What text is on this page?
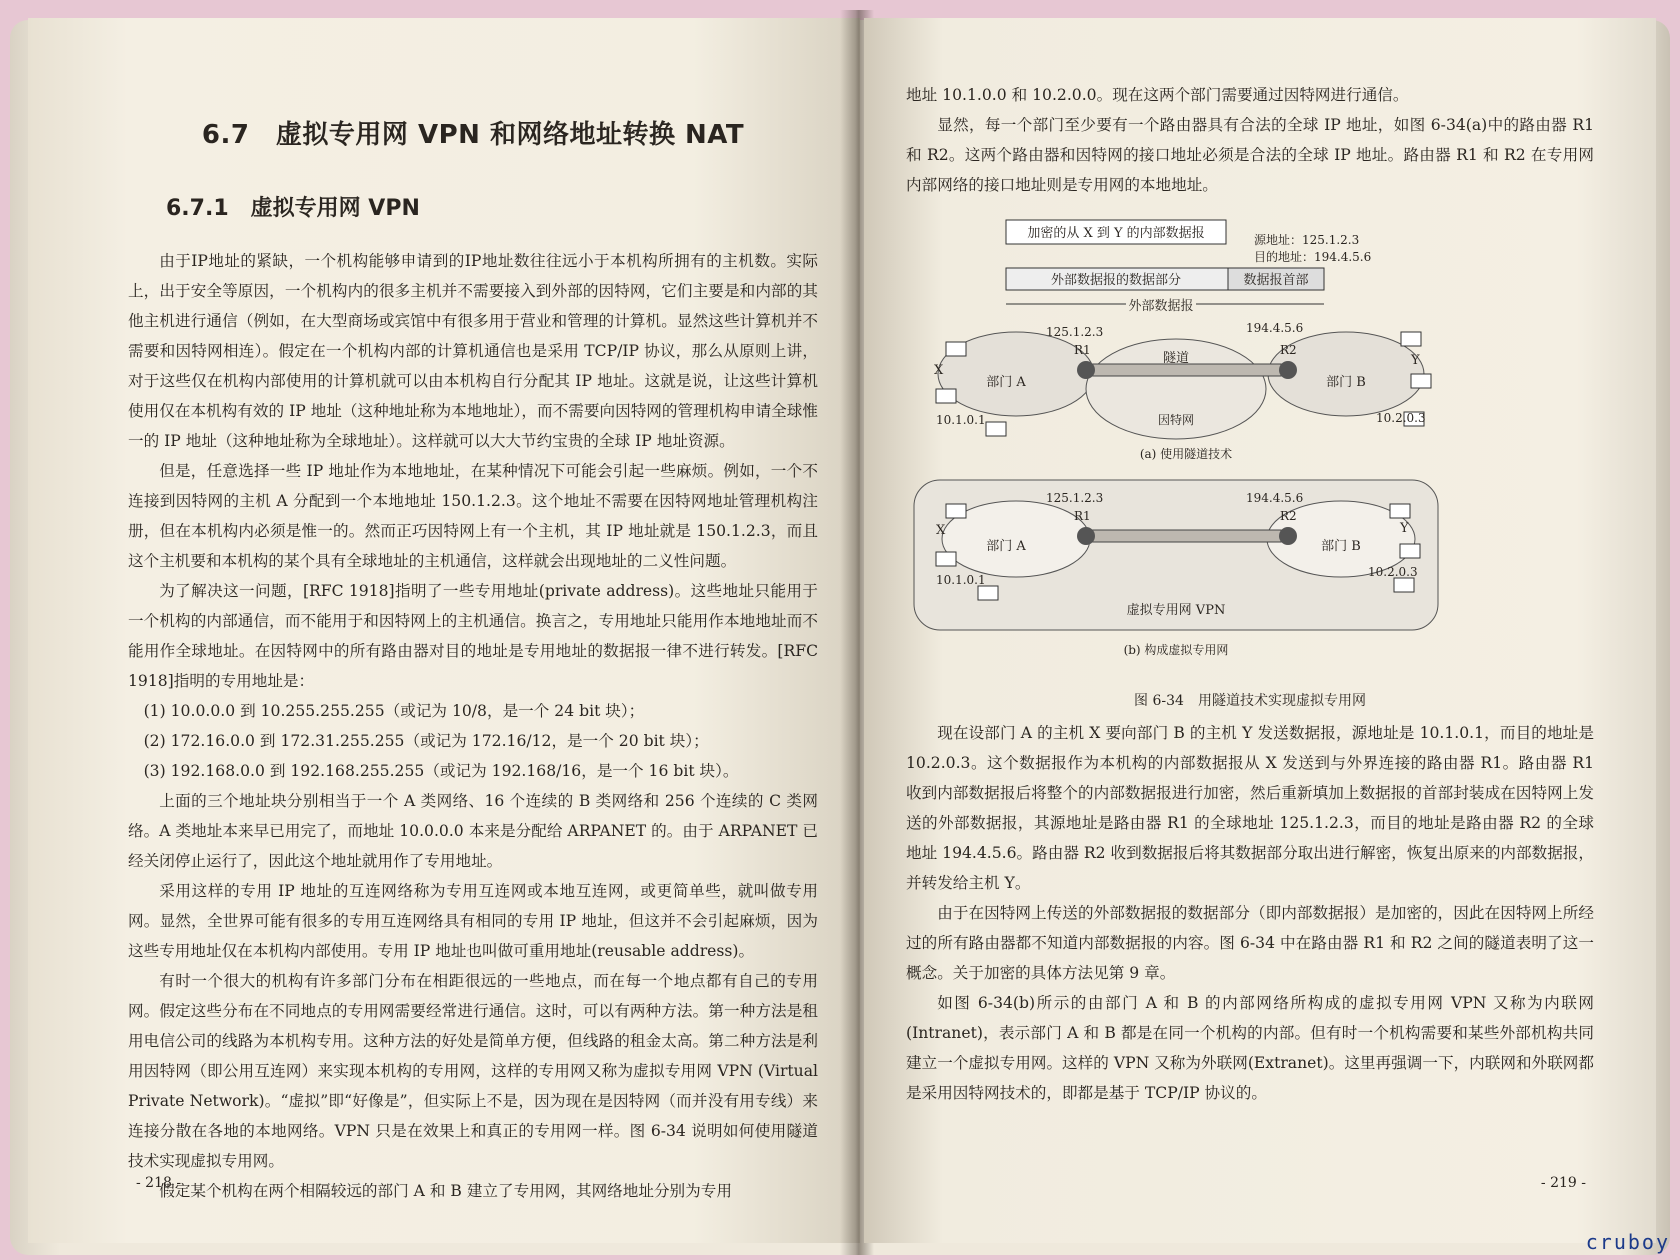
6.7　虚拟专用网 VPN 和网络地址转换 NAT
6.7.1　虚拟专用网 VPN

由于IP地址的紧缺，一个机构能够申请到的IP地址数往往远小于本机构所拥有的主机数。实际上，出于安全等原因，一个机构内的很多主机并不需要接入到外部的因特网，它们主要是和内部的其他主机进行通信（例如，在大型商场或宾馆中有很多用于营业和管理的计算机。显然这些计算机并不需要和因特网相连）。假定在一个机构内部的计算机通信也是采用 TCP/IP 协议，那么从原则上讲，对于这些仅在机构内部使用的计算机就可以由本机构自行分配其 IP 地址。这就是说，让这些计算机使用仅在本机构有效的 IP 地址（这种地址称为本地地址），而不需要向因特网的管理机构申请全球惟一的 IP 地址（这种地址称为全球地址）。这样就可以大大节约宝贵的全球 IP 地址资源。

但是，任意选择一些 IP 地址作为本地地址，在某种情况下可能会引起一些麻烦。例如，一个不连接到因特网的主机 A 分配到一个本地地址 150.1.2.3。这个地址不需要在因特网地址管理机构注册，但在本机构内必须是惟一的。然而正巧因特网上有一个主机，其 IP 地址就是 150.1.2.3，而且这个主机要和本机构的某个具有全球地址的主机通信，这样就会出现地址的二义性问题。

为了解决这一问题，[RFC 1918]指明了一些专用地址(private address)。这些地址只能用于一个机构的内部通信，而不能用于和因特网上的主机通信。换言之，专用地址只能用作本地地址而不能用作全球地址。在因特网中的所有路由器对目的地址是专用地址的数据报一律不进行转发。[RFC 1918]指明的专用地址是：

(1) 10.0.0.0 到 10.255.255.255（或记为 10/8，是一个 24 bit 块）；

(2) 172.16.0.0 到 172.31.255.255（或记为 172.16/12，是一个 20 bit 块）；

(3) 192.168.0.0 到 192.168.255.255（或记为 192.168/16，是一个 16 bit 块）。

上面的三个地址块分别相当于一个 A 类网络、16 个连续的 B 类网络和 256 个连续的 C 类网络。A 类地址本来早已用完了，而地址 10.0.0.0 本来是分配给 ARPANET 的。由于 ARPANET 已经关闭停止运行了，因此这个地址就用作了专用地址。

采用这样的专用 IP 地址的互连网络称为专用互连网或本地互连网，或更简单些，就叫做专用网。显然，全世界可能有很多的专用互连网络具有相同的专用 IP 地址，但这并不会引起麻烦，因为这些专用地址仅在本机构内部使用。专用 IP 地址也叫做可重用地址(reusable address)。

有时一个很大的机构有许多部门分布在相距很远的一些地点，而在每一个地点都有自己的专用网。假定这些分布在不同地点的专用网需要经常进行通信。这时，可以有两种方法。第一种方法是租用电信公司的线路为本机构专用。这种方法的好处是简单方便，但线路的租金太高。第二种方法是利用因特网（即公用互连网）来实现本机构的专用网，这样的专用网又称为虚拟专用网 VPN (Virtual Private Network)。“虚拟”即“好像是”，但实际上不是，因为现在是因特网（而并没有用专线）来连接分散在各地的本地网络。VPN 只是在效果上和真正的专用网一样。图 6-34 说明如何使用隧道技术实现虚拟专用网。

假定某个机构在两个相隔较远的部门 A 和 B 建立了专用网，其网络地址分别为专用

- 218 -

地址 10.1.0.0 和 10.2.0.0。现在这两个部门需要通过因特网进行通信。

显然，每一个部门至少要有一个路由器具有合法的全球 IP 地址，如图 6-34(a)中的路由器 R1 和 R2。这两个路由器和因特网的接口地址必须是合法的全球 IP 地址。路由器 R1 和 R2 在专用网内部网络的接口地址则是专用网的本地地址。

加密的从 X 到 Y 的内部数据报	源地址：125.1.2.3
目的地址：194.4.5.6
外部数据报的数据部分	数据报首部
外部数据报
R1	R2
125.1.2.3	194.4.5.6
隧道
因特网
部门 A	部门 B
X
Y
10.1.0.1	10.2.0.3
(a) 使用隧道技术
R1	R2
125.1.2.3	194.4.5.6
部门 A	部门 B
X	Y
10.1.0.1
10.2.0.3
虚拟专用网 VPN
(b) 构成虚拟专用网
图 6-34　用隧道技术实现虚拟专用网

现在设部门 A 的主机 X 要向部门 B 的主机 Y 发送数据报，源地址是 10.1.0.1，而目的地址是 10.2.0.3。这个数据报作为本机构的内部数据报从 X 发送到与外界连接的路由器 R1。路由器 R1 收到内部数据报后将整个的内部数据报进行加密，然后重新填加上数据报的首部封装成在因特网上发送的外部数据报，其源地址是路由器 R1 的全球地址 125.1.2.3，而目的地址是路由器 R2 的全球地址 194.4.5.6。路由器 R2 收到数据报后将其数据部分取出进行解密，恢复出原来的内部数据报，并转发给主机 Y。

由于在因特网上传送的外部数据报的数据部分（即内部数据报）是加密的，因此在因特网上所经过的所有路由器都不知道内部数据报的内容。图 6-34 中在路由器 R1 和 R2 之间的隧道表明了这一概念。关于加密的具体方法见第 9 章。

如图 6-34(b)所示的由部门 A 和 B 的内部网络所构成的虚拟专用网 VPN 又称为内联网(Intranet)，表示部门 A 和 B 都是在同一个机构的内部。但有时一个机构需要和某些外部机构共同建立一个虚拟专用网。这样的 VPN 又称为外联网(Extranet)。这里再强调一下，内联网和外联网都是采用因特网技术的，即都是基于 TCP/IP 协议的。

- 219 -
cruboy
